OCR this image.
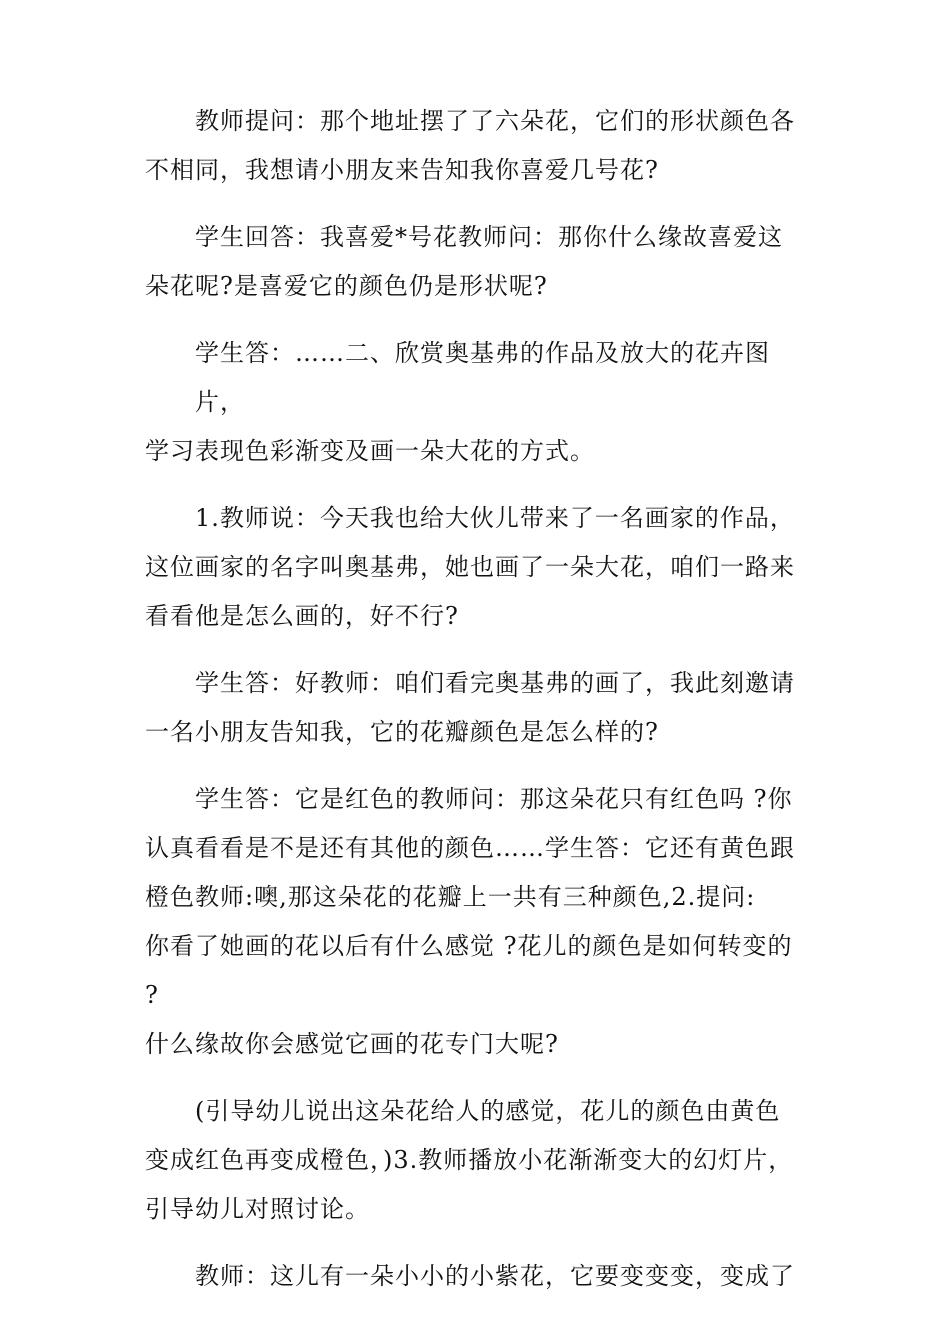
教师提问：那个地址摆了了六朵花，它们的形状颜色各
不相同，我想请小朋友来告知我你喜爱几号花?
学生回答：我喜爱*号花教师问：那你什么缘故喜爱这
朵花呢?是喜爱它的颜色仍是形状呢?
学生答：……二、欣赏奥基弗的作品及放大的花卉图片，
学习表现色彩渐变及画一朵大花的方式。
1.教师说：今天我也给大伙儿带来了一名画家的作品，
这位画家的名字叫奥基弗，她也画了一朵大花，咱们一路来
看看他是怎么画的，好不行?
学生答：好教师：咱们看完奥基弗的画了，我此刻邀请
一名小朋友告知我，它的花瓣颜色是怎么样的?
学生答：它是红色的教师问：那这朵花只有红色吗 ?你
认真看看是不是还有其他的颜色……学生答：它还有黄色跟
橙色教师:噢,那这朵花的花瓣上一共有三种颜色,2.提问:
你看了她画的花以后有什么感觉 ?花儿的颜色是如何转变的 ?
什么缘故你会感觉它画的花专门大呢?
(引导幼儿说出这朵花给人的感觉，花儿的颜色由黄色
变成红色再变成橙色，)3.教师播放小花渐渐变大的幻灯片，
引导幼儿对照讨论。
教师：这儿有一朵小小的小紫花，它要变变变，变成了
